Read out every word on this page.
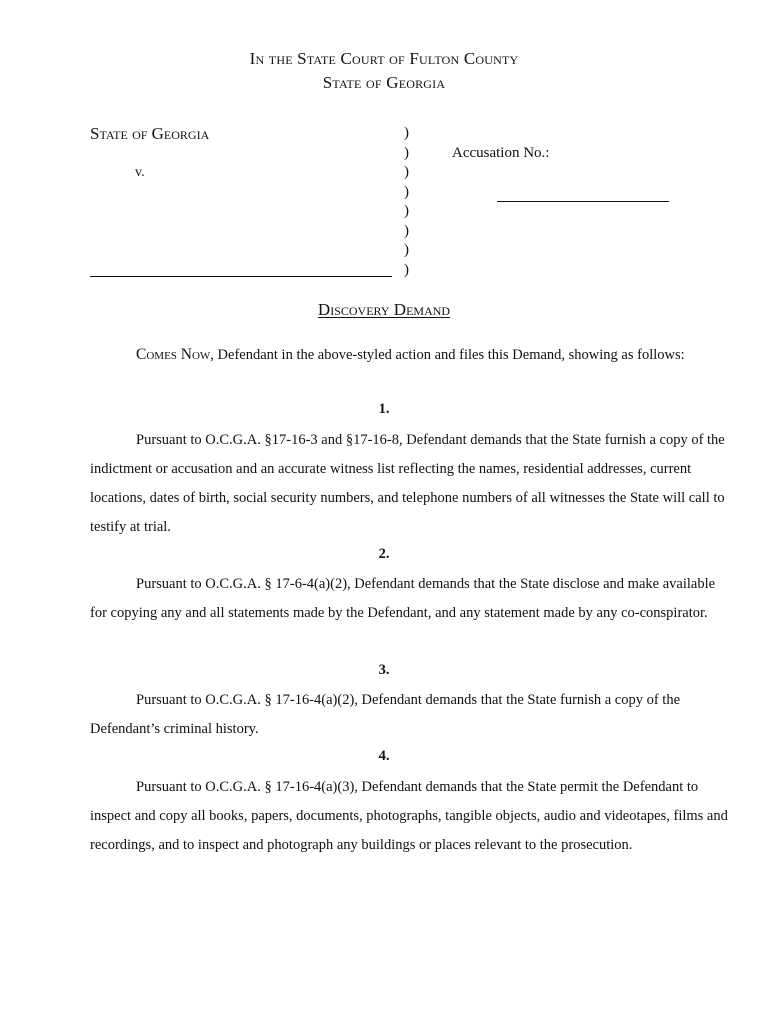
In the State Court of Fulton County
State of Georgia
State of Georgia
v.
)
)
)
)
)
)
)
)
Accusation No.:
Discovery Demand
Comes Now, Defendant in the above-styled action and files this Demand, showing as follows:
1.
Pursuant to O.C.G.A. §17-16-3 and §17-16-8, Defendant demands that the State furnish a copy of the indictment or accusation and an accurate witness list reflecting the names, residential addresses, current locations, dates of birth, social security numbers, and telephone numbers of all witnesses the State will call to testify at trial.
2.
Pursuant to O.C.G.A. § 17-6-4(a)(2), Defendant demands that the State disclose and make available for copying any and all statements made by the Defendant, and any statement made by any co-conspirator.
3.
Pursuant to O.C.G.A. § 17-16-4(a)(2), Defendant demands that the State furnish a copy of the Defendant’s criminal history.
4.
Pursuant to O.C.G.A. § 17-16-4(a)(3), Defendant demands that the State permit the Defendant to inspect and copy all books, papers, documents, photographs, tangible objects, audio and videotapes, films and recordings, and to inspect and photograph any buildings or places relevant to the prosecution.
